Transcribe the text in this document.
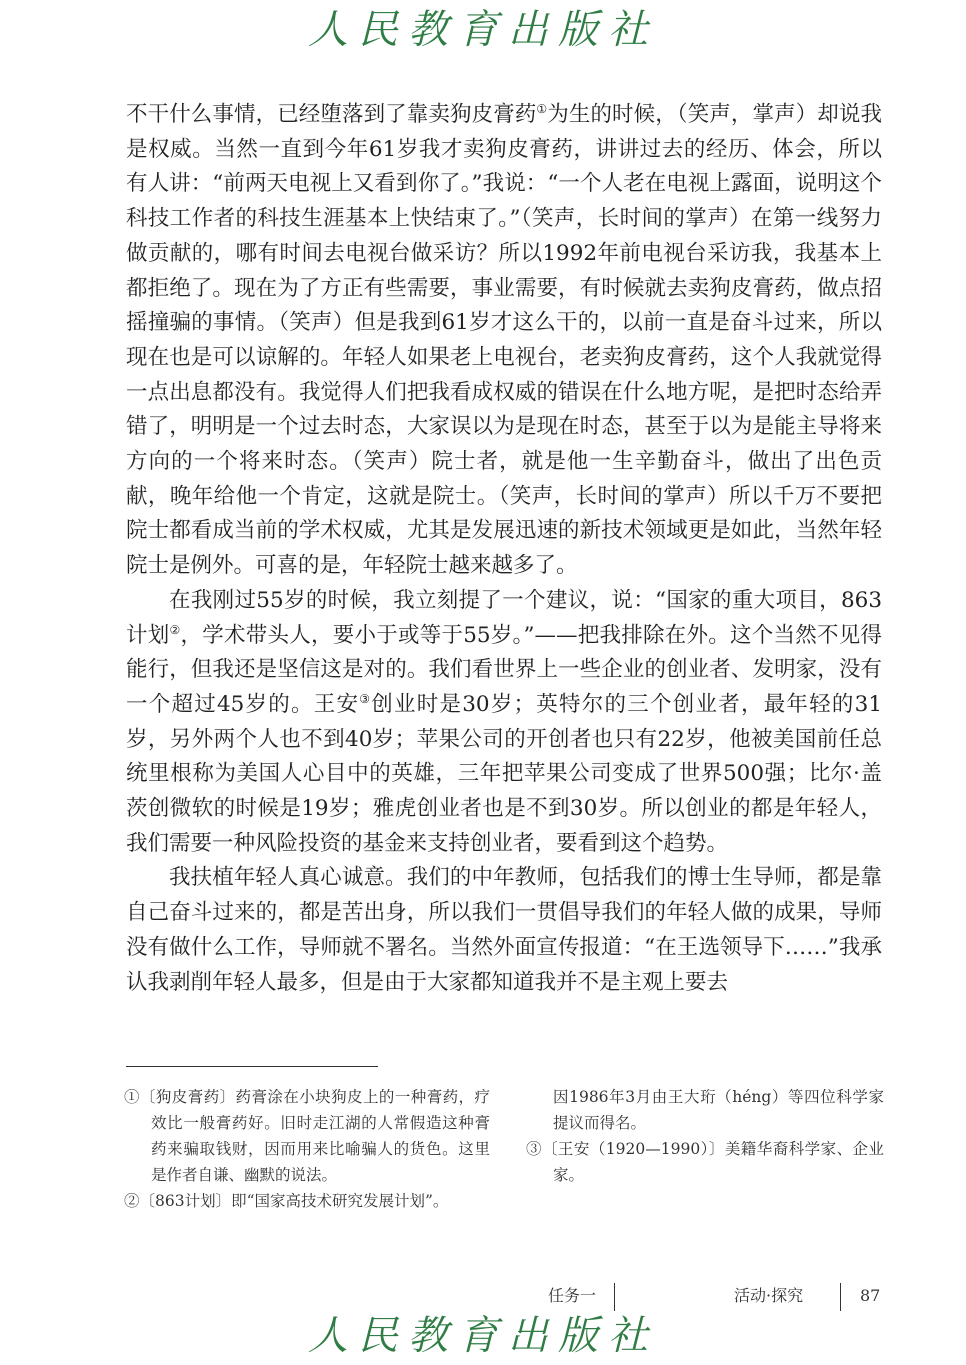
人民教育出版社

不干什么事情，已经堕落到了靠卖狗皮膏药①为生的时候，（笑声，掌声）却说我是权威。当然一直到今年61岁我才卖狗皮膏药，讲讲过去的经历、体会，所以有人讲：“前两天电视上又看到你了。”我说：“一个人老在电视上露面，说明这个科技工作者的科技生涯基本上快结束了。”（笑声，长时间的掌声）在第一线努力做贡献的，哪有时间去电视台做采访？所以1992年前电视台采访我，我基本上都拒绝了。现在为了方正有些需要，事业需要，有时候就去卖狗皮膏药，做点招摇撞骗的事情。（笑声）但是我到61岁才这么干的，以前一直是奋斗过来，所以现在也是可以谅解的。年轻人如果老上电视台，老卖狗皮膏药，这个人我就觉得一点出息都没有。我觉得人们把我看成权威的错误在什么地方呢，是把时态给弄错了，明明是一个过去时态，大家误以为是现在时态，甚至于以为是能主导将来方向的一个将来时态。（笑声）院士者，就是他一生辛勤奋斗，做出了出色贡献，晚年给他一个肯定，这就是院士。（笑声，长时间的掌声）所以千万不要把院士都看成当前的学术权威，尤其是发展迅速的新技术领域更是如此，当然年轻院士是例外。可喜的是，年轻院士越来越多了。

在我刚过55岁的时候，我立刻提了一个建议，说：“国家的重大项目，863计划②，学术带头人，要小于或等于55岁。”——把我排除在外。这个当然不见得能行，但我还是坚信这是对的。我们看世界上一些企业的创业者、发明家，没有一个超过45岁的。王安③创业时是30岁；英特尔的三个创业者，最年轻的31岁，另外两个人也不到40岁；苹果公司的开创者也只有22岁，他被美国前任总统里根称为美国人心目中的英雄，三年把苹果公司变成了世界500强；比尔·盖茨创微软的时候是19岁；雅虎创业者也是不到30岁。所以创业的都是年轻人，我们需要一种风险投资的基金来支持创业者，要看到这个趋势。

我扶植年轻人真心诚意。我们的中年教师，包括我们的博士生导师，都是靠自己奋斗过来的，都是苦出身，所以我们一贯倡导我们的年轻人做的成果，导师没有做什么工作，导师就不署名。当然外面宣传报道：“在王选领导下……”我承认我剥削年轻人最多，但是由于大家都知道我并不是主观上要去

①〔狗皮膏药〕药膏涂在小块狗皮上的一种膏药，疗效比一般膏药好。旧时走江湖的人常假造这种膏药来骗取钱财，因而用来比喻骗人的货色。这里是作者自谦、幽默的说法。

②〔863计划〕即“国家高技术研究发展计划”。

因1986年3月由王大珩（héng）等四位科学家提议而得名。

③〔王安（1920—1990）〕美籍华裔科学家、企业家。

任务一	活动·探究	87
人民教育出版社
